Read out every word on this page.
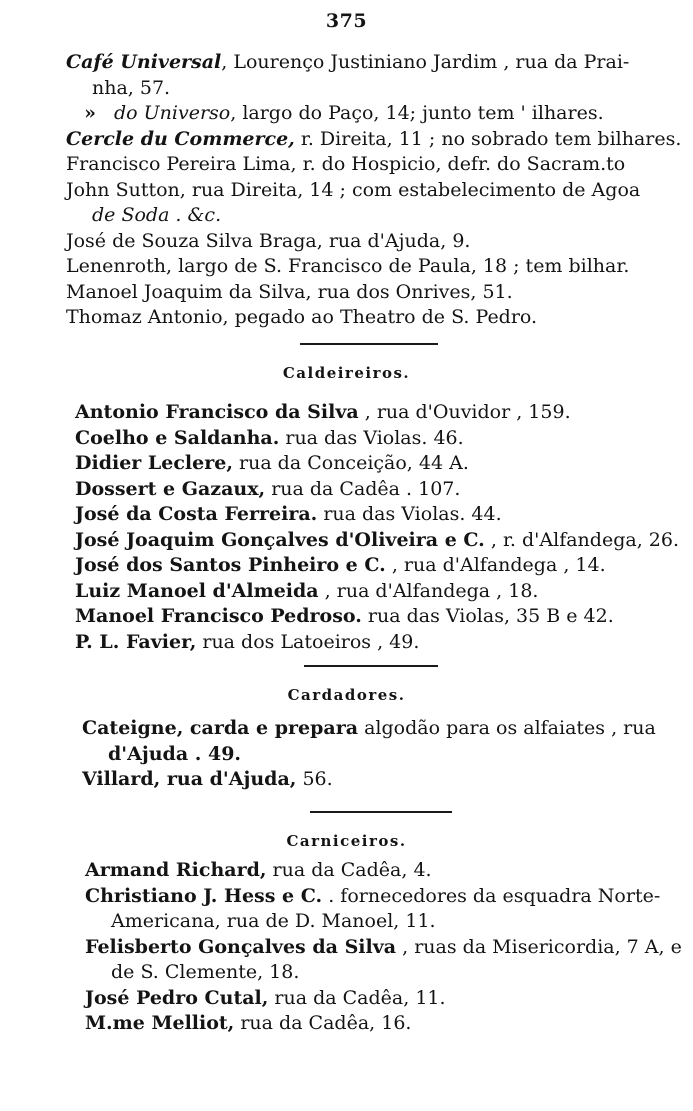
375

Café Universal, Lourenço Justiniano Jardim , rua da Prai-
nha, 57.

» do Universo, largo do Paço, 14; junto tem ' ilhares.

Cercle du Commerce, r. Direita, 11 ; no sobrado tem bilhares.

Francisco Pereira Lima, r. do Hospicio, defr. do Sacram.to

John Sutton, rua Direita, 14 ; com estabelecimento de Agoa
de Soda . &c.

José de Souza Silva Braga, rua d'Ajuda, 9.

Lenenroth, largo de S. Francisco de Paula, 18 ; tem bilhar.

Manoel Joaquim da Silva, rua dos Onrives, 51.

Thomaz Antonio, pegado ao Theatro de S. Pedro.

Caldeireiros.

Antonio Francisco da Silva , rua d'Ouvidor , 159.

Coelho e Saldanha. rua das Violas. 46.

Didier Leclere, rua da Conceição, 44 A.

Dossert e Gazaux, rua da Cadêa . 107.

José da Costa Ferreira. rua das Violas. 44.

José Joaquim Gonçalves d'Oliveira e C. , r. d'Alfandega, 26.

José dos Santos Pinheiro e C. , rua d'Alfandega , 14.

Luiz Manoel d'Almeida , rua d'Alfandega , 18.

Manoel Francisco Pedroso. rua das Violas, 35 B e 42.

P. L. Favier, rua dos Latoeiros , 49.

Cardadores.

Cateigne, carda e prepara algodão para os alfaiates , rua
d'Ajuda . 49.

Villard, rua d'Ajuda, 56.

Carniceiros.

Armand Richard, rua da Cadêa, 4.

Christiano J. Hess e C. . fornecedores da esquadra Norte-
Americana, rua de D. Manoel, 11.

Felisberto Gonçalves da Silva , ruas da Misericordia, 7 A, e
de S. Clemente, 18.

José Pedro Cutal, rua da Cadêa, 11.

M.me Melliot, rua da Cadêa, 16.
